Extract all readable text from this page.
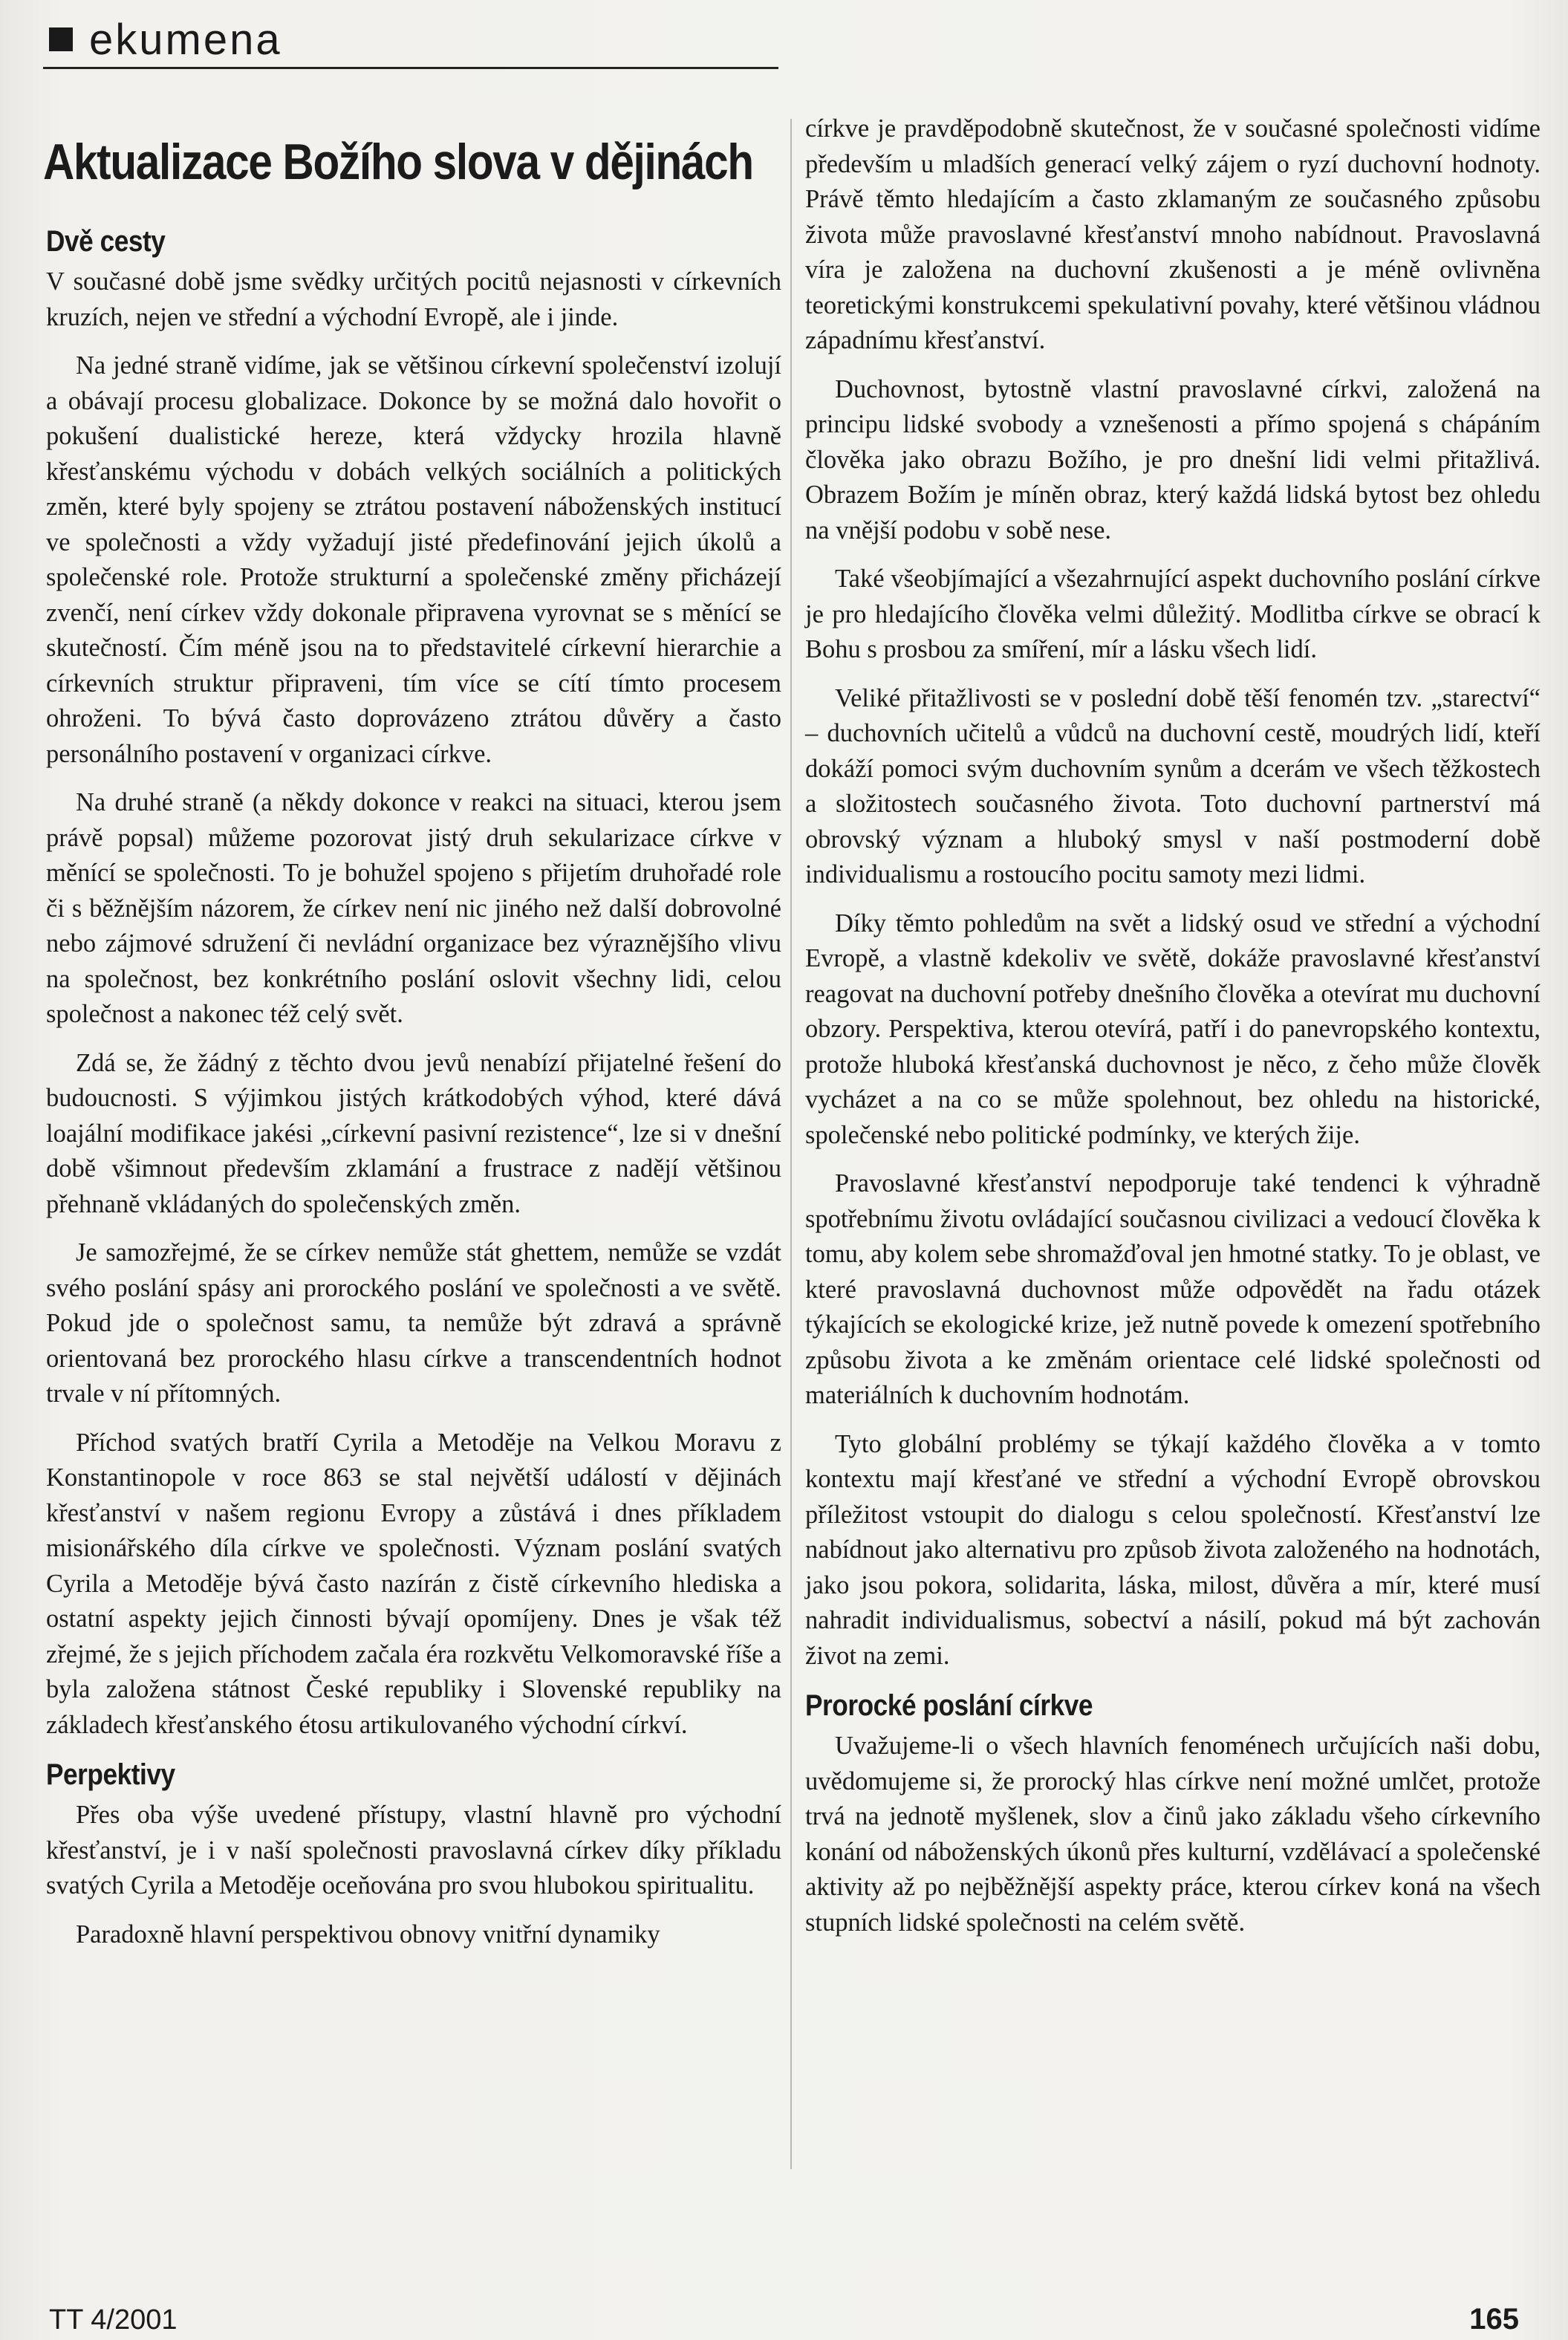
ekumena
Aktualizace Božího slova v dějinách
Dvě cesty

V současné době jsme svědky určitých pocitů nejasnosti v církevních kruzích, nejen ve střední a východní Evropě, ale i jinde.

Na jedné straně vidíme, jak se většinou církevní společenství izolují a obávají procesu globalizace. Dokonce by se možná dalo hovořit o pokušení dualistické hereze, která vždycky hrozila hlavně křesťanskému východu v dobách velkých sociálních a politických změn, které byly spojeny se ztrátou postavení náboženských institucí ve společnosti a vždy vyžadují jisté předefinování jejich úkolů a společenské role. Protože strukturní a společenské změny přicházejí zvenčí, není církev vždy dokonale připravena vyrovnat se s měnící se skutečností. Čím méně jsou na to představitelé církevní hierarchie a církevních struktur připraveni, tím více se cítí tímto procesem ohroženi. To bývá často doprovázeno ztrátou důvěry a často personálního postavení v organizaci církve.

Na druhé straně (a někdy dokonce v reakci na situaci, kterou jsem právě popsal) můžeme pozorovat jistý druh sekularizace církve v měnící se společnosti. To je bohužel spojeno s přijetím druhořadé role či s běžnějším názorem, že církev není nic jiného než další dobrovolné nebo zájmové sdružení či nevládní organizace bez výraznějšího vlivu na společnost, bez konkrétního poslání oslovit všechny lidi, celou společnost a nakonec též celý svět.

Zdá se, že žádný z těchto dvou jevů nenabízí přijatelné řešení do budoucnosti. S výjimkou jistých krátkodobých výhod, které dává loajální modifikace jakési „církevní pasivní rezistence“, lze si v dnešní době všimnout především zklamání a frustrace z nadějí většinou přehnaně vkládaných do společenských změn.

Je samozřejmé, že se církev nemůže stát ghettem, nemůže se vzdát svého poslání spásy ani prorockého poslání ve společnosti a ve světě. Pokud jde o společnost samu, ta nemůže být zdravá a správně orientovaná bez prorockého hlasu církve a transcendentních hodnot trvale v ní přítomných.

Příchod svatých bratří Cyrila a Metoděje na Velkou Moravu z Konstantinopole v roce 863 se stal největší událostí v dějinách křesťanství v našem regionu Evropy a zůstává i dnes příkladem misionářského díla církve ve společnosti. Význam poslání svatých Cyrila a Metoděje bývá často nazírán z čistě církevního hlediska a ostatní aspekty jejich činnosti bývají opomíjeny. Dnes je však též zřejmé, že s jejich příchodem začala éra rozkvětu Velkomoravské říše a byla založena státnost České republiky i Slovenské republiky na základech křesťanského étosu artikulovaného východní církví.

Perpektivy

Přes oba výše uvedené přístupy, vlastní hlavně pro východní křesťanství, je i v naší společnosti pravoslavná církev díky příkladu svatých Cyrila a Metoděje oceňována pro svou hlubokou spiritualitu.

Paradoxně hlavní perspektivou obnovy vnitřní dynamiky

církve je pravděpodobně skutečnost, že v současné společnosti vidíme především u mladších generací velký zájem o ryzí duchovní hodnoty. Právě těmto hledajícím a často zklamaným ze současného způsobu života může pravoslavné křesťanství mnoho nabídnout. Pravoslavná víra je založena na duchovní zkušenosti a je méně ovlivněna teoretickými konstrukcemi spekulativní povahy, které většinou vládnou západnímu křesťanství.

Duchovnost, bytostně vlastní pravoslavné církvi, založená na principu lidské svobody a vznešenosti a přímo spojená s chápáním člověka jako obrazu Božího, je pro dnešní lidi velmi přitažlivá. Obrazem Božím je míněn obraz, který každá lidská bytost bez ohledu na vnější podobu v sobě nese.

Také všeobjímající a všezahrnující aspekt duchovního poslání církve je pro hledajícího člověka velmi důležitý. Modlitba církve se obrací k Bohu s prosbou za smíření, mír a lásku všech lidí.

Veliké přitažlivosti se v poslední době těší fenomén tzv. „starectví“ – duchovních učitelů a vůdců na duchovní cestě, moudrých lidí, kteří dokáží pomoci svým duchovním synům a dcerám ve všech těžkostech a složitostech současného života. Toto duchovní partnerství má obrovský význam a hluboký smysl v naší postmoderní době individualismu a rostoucího pocitu samoty mezi lidmi.

Díky těmto pohledům na svět a lidský osud ve střední a východní Evropě, a vlastně kdekoliv ve světě, dokáže pravoslavné křesťanství reagovat na duchovní potřeby dnešního člověka a otevírat mu duchovní obzory. Perspektiva, kterou otevírá, patří i do panevropského kontextu, protože hluboká křesťanská duchovnost je něco, z čeho může člověk vycházet a na co se může spolehnout, bez ohledu na historické, společenské nebo politické podmínky, ve kterých žije.

Pravoslavné křesťanství nepodporuje také tendenci k výhradně spotřebnímu životu ovládající současnou civilizaci a vedoucí člověka k tomu, aby kolem sebe shromažďoval jen hmotné statky. To je oblast, ve které pravoslavná duchovnost může odpovědět na řadu otázek týkajících se ekologické krize, jež nutně povede k omezení spotřebního způsobu života a ke změnám orientace celé lidské společnosti od materiálních k duchovním hodnotám.

Tyto globální problémy se týkají každého člověka a v tomto kontextu mají křesťané ve střední a východní Evropě obrovskou příležitost vstoupit do dialogu s celou společností. Křesťanství lze nabídnout jako alternativu pro způsob života založeného na hodnotách, jako jsou pokora, solidarita, láska, milost, důvěra a mír, které musí nahradit individualismus, sobectví a násilí, pokud má být zachován život na zemi.

Prorocké poslání církve

Uvažujeme-li o všech hlavních fenoménech určujících naši dobu, uvědomujeme si, že prorocký hlas církve není možné umlčet, protože trvá na jednotě myšlenek, slov a činů jako základu všeho církevního konání od náboženských úkonů přes kulturní, vzdělávací a společenské aktivity až po nejběžnější aspekty práce, kterou církev koná na všech stupních lidské společnosti na celém světě.

TT 4/2001	165
